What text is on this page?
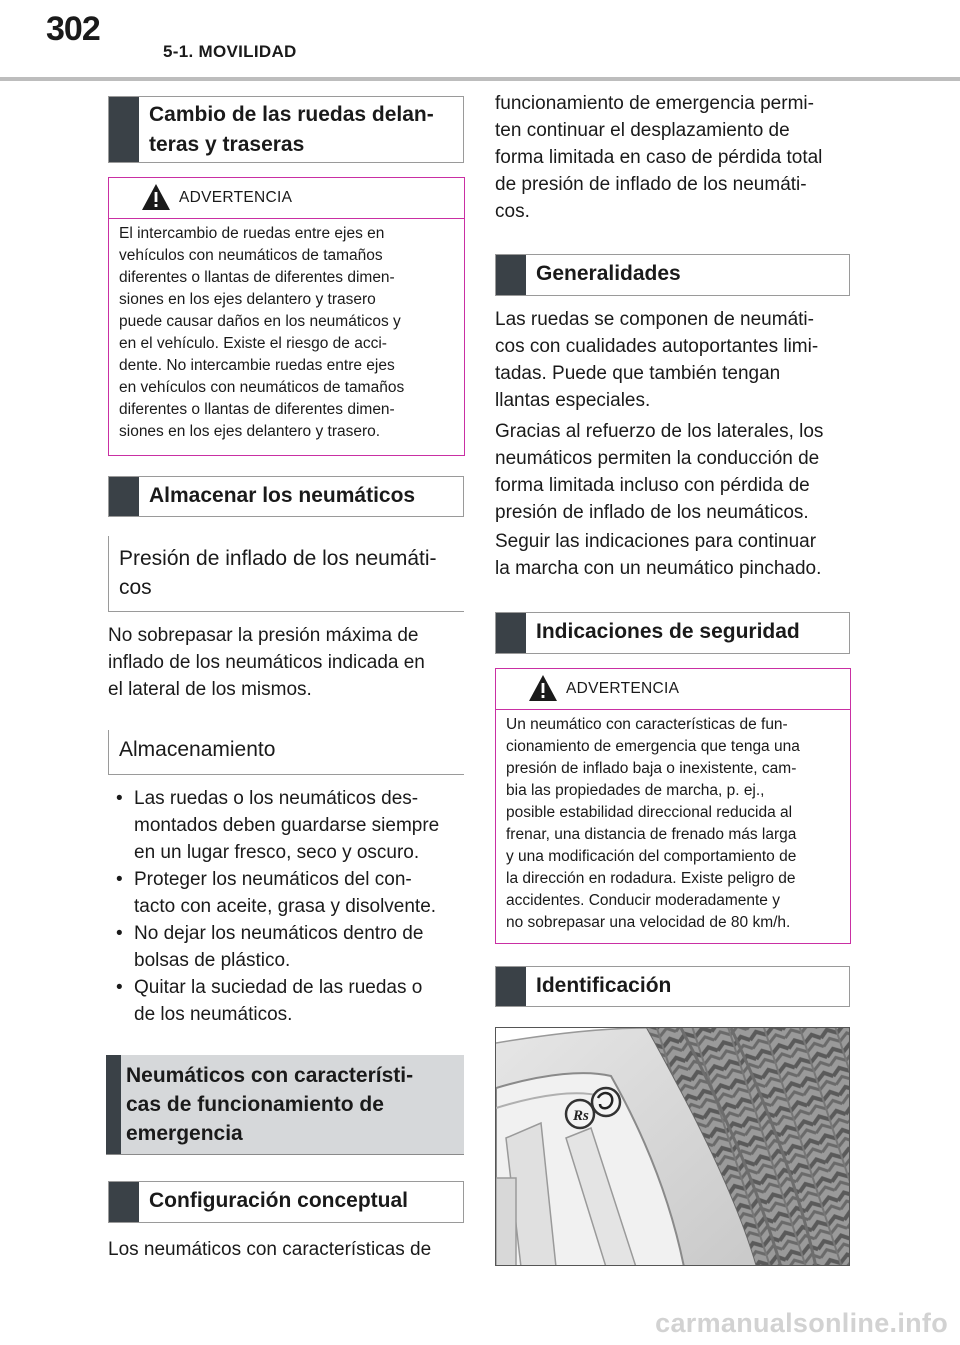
302
5-1. MOVILIDAD
Cambio de las ruedas delan-
teras y traseras
ADVERTENCIA
El intercambio de ruedas entre ejes en
vehículos con neumáticos de tamaños
diferentes o llantas de diferentes dimen-
siones en los ejes delantero y trasero
puede causar daños en los neumáticos y
en el vehículo. Existe el riesgo de acci-
dente. No intercambie ruedas entre ejes
en vehículos con neumáticos de tamaños
diferentes o llantas de diferentes dimen-
siones en los ejes delantero y trasero.
Almacenar los neumáticos
Presión de inflado de los neumáti-
cos
No sobrepasar la presión máxima de
inflado de los neumáticos indicada en
el lateral de los mismos.
Almacenamiento
• Las ruedas o los neumáticos des-
montados deben guardarse siempre
en un lugar fresco, seco y oscuro.
• Proteger los neumáticos del con-
tacto con aceite, grasa y disolvente.
• No dejar los neumáticos dentro de
bolsas de plástico.
• Quitar la suciedad de las ruedas o
de los neumáticos.
Neumáticos con característi-
cas de funcionamiento de
emergencia
Configuración conceptual
Los neumáticos con características de
funcionamiento de emergencia permi-
ten continuar el desplazamiento de
forma limitada en caso de pérdida total
de presión de inflado de los neumáti-
cos.
Generalidades
Las ruedas se componen de neumáti-
cos con cualidades autoportantes limi-
tadas. Puede que también tengan
llantas especiales.
Gracias al refuerzo de los laterales, los
neumáticos permiten la conducción de
forma limitada incluso con pérdida de
presión de inflado de los neumáticos.
Seguir las indicaciones para continuar
la marcha con un neumático pinchado.
Indicaciones de seguridad
ADVERTENCIA
Un neumático con características de fun-
cionamiento de emergencia que tenga una
presión de inflado baja o inexistente, cam-
bia las propiedades de marcha, p. ej.,
posible estabilidad direccional reducida al
frenar, una distancia de frenado más larga
y una modificación del comportamiento de
la dirección en rodadura. Existe peligro de
accidentes. Conducir moderadamente y
no sobrepasar una velocidad de 80 km/h.
Identificación
Rs
carmanualsonline.info
